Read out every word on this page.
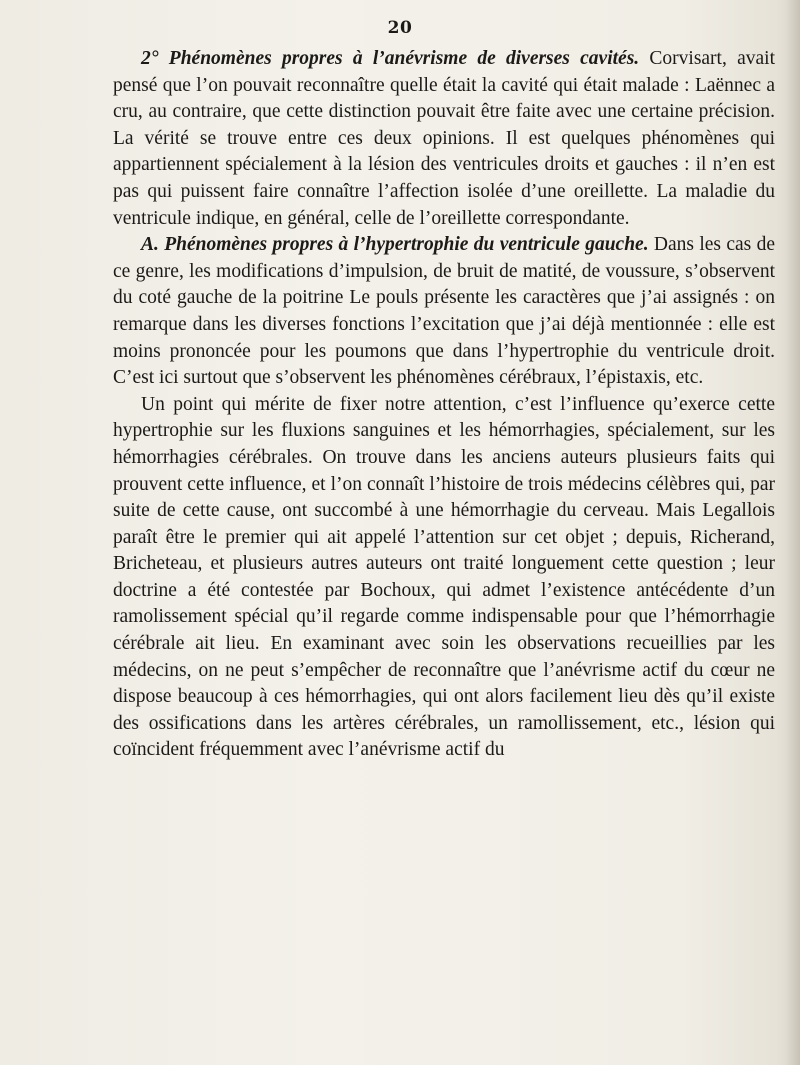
20

2° Phénomènes propres à l’anévrisme de diverses cavités. Corvisart, avait pensé que l’on pouvait reconnaître quelle était la cavité qui était malade : Laënnec a cru, au contraire, que cette distinction pouvait être faite avec une certaine précision. La vérité se trouve entre ces deux opinions. Il est quelques phénomènes qui appartiennent spécialement à la lésion des ventricules droits et gauches : il n’en est pas qui puissent faire connaître l’affection isolée d’une oreillette. La maladie du ventricule indique, en général, celle de l’oreillette correspondante.

A. Phénomènes propres à l’hypertrophie du ventricule gauche. Dans les cas de ce genre, les modifications d’impulsion, de bruit de matité, de voussure, s’observent du coté gauche de la poitrine Le pouls présente les caractères que j’ai assignés : on remarque dans les diverses fonctions l’excitation que j’ai déjà mentionnée : elle est moins prononcée pour les poumons que dans l’hypertrophie du ventricule droit. C’est ici surtout que s’observent les phénomènes cérébraux, l’épistaxis, etc.

Un point qui mérite de fixer notre attention, c’est l’influence qu’exerce cette hypertrophie sur les fluxions sanguines et les hémorrhagies, spécialement, sur les hémorrhagies cérébrales. On trouve dans les anciens auteurs plusieurs faits qui prouvent cette influence, et l’on connaît l’histoire de trois médecins célèbres qui, par suite de cette cause, ont succombé à une hémorrhagie du cerveau. Mais Legallois paraît être le premier qui ait appelé l’attention sur cet objet ; depuis, Richerand, Bricheteau, et plusieurs autres auteurs ont traité longuement cette question ; leur doctrine a été contestée par Bochoux, qui admet l’existence antécédente d’un ramolissement spécial qu’il regarde comme indispensable pour que l’hémorrhagie cérébrale ait lieu. En examinant avec soin les observations recueillies par les médecins, on ne peut s’empêcher de reconnaître que l’anévrisme actif du cœur ne dispose beaucoup à ces hémorrhagies, qui ont alors facilement lieu dès qu’il existe des ossifications dans les artères cérébrales, un ramollissement, etc., lésion qui coïncident fréquemment avec l’anévrisme actif du
